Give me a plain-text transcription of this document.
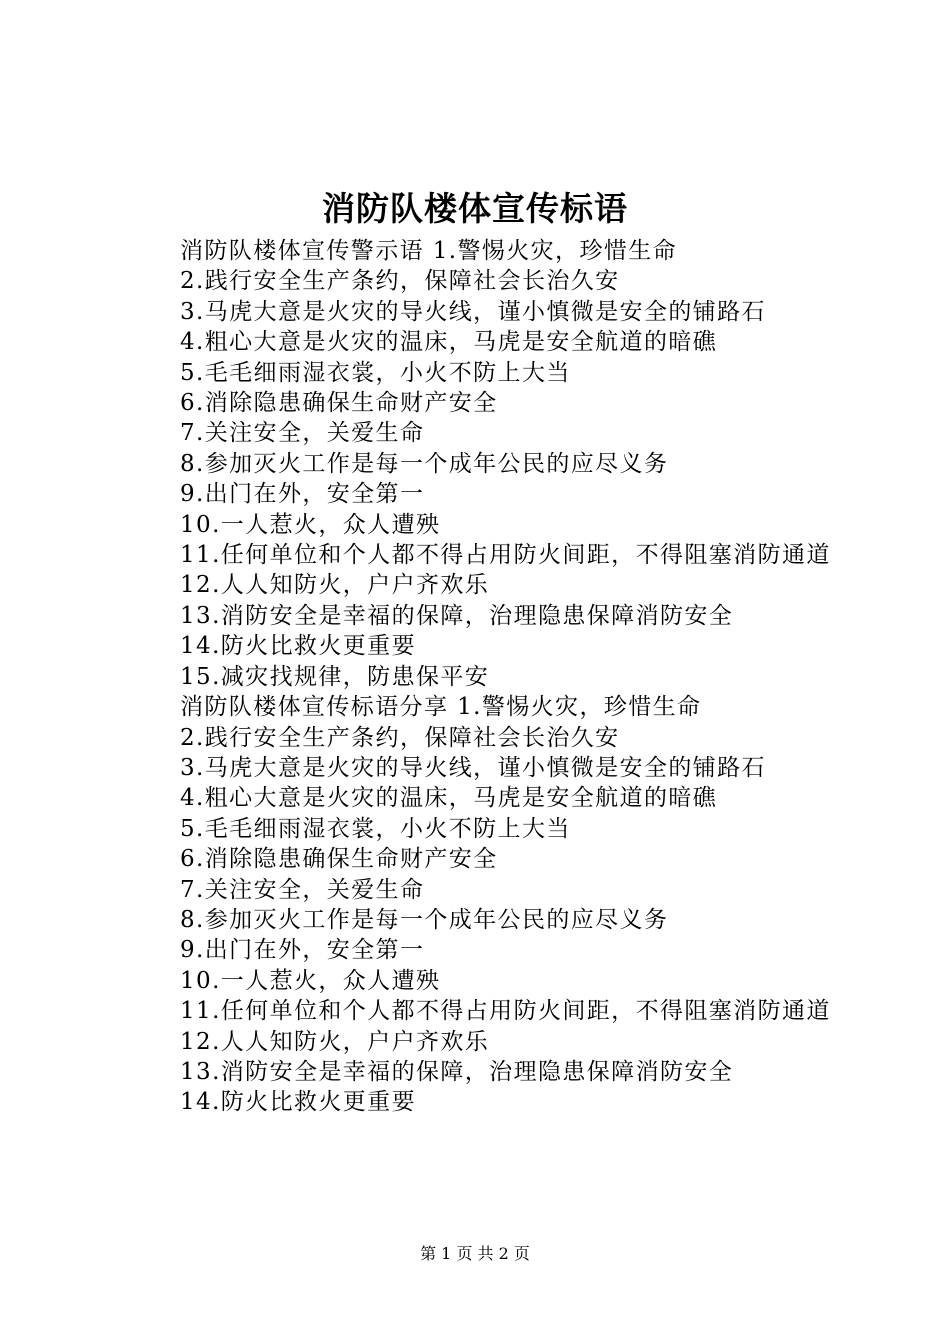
消防队楼体宣传标语

消防队楼体宣传警示语 1.警惕火灾，珍惜生命

2.践行安全生产条约，保障社会长治久安

3.马虎大意是火灾的导火线，谨小慎微是安全的铺路石

4.粗心大意是火灾的温床，马虎是安全航道的暗礁

5.毛毛细雨湿衣裳，小火不防上大当

6.消除隐患确保生命财产安全

7.关注安全，关爱生命

8.参加灭火工作是每一个成年公民的应尽义务

9.出门在外，安全第一

10.一人惹火，众人遭殃

11.任何单位和个人都不得占用防火间距，不得阻塞消防通道

12.人人知防火，户户齐欢乐

13.消防安全是幸福的保障，治理隐患保障消防安全

14.防火比救火更重要

15.减灾找规律，防患保平安

消防队楼体宣传标语分享 1.警惕火灾，珍惜生命

2.践行安全生产条约，保障社会长治久安

3.马虎大意是火灾的导火线，谨小慎微是安全的铺路石

4.粗心大意是火灾的温床，马虎是安全航道的暗礁

5.毛毛细雨湿衣裳，小火不防上大当

6.消除隐患确保生命财产安全

7.关注安全，关爱生命

8.参加灭火工作是每一个成年公民的应尽义务

9.出门在外，安全第一

10.一人惹火，众人遭殃

11.任何单位和个人都不得占用防火间距，不得阻塞消防通道

12.人人知防火，户户齐欢乐

13.消防安全是幸福的保障，治理隐患保障消防安全

14.防火比救火更重要

第 1 页 共 2 页
